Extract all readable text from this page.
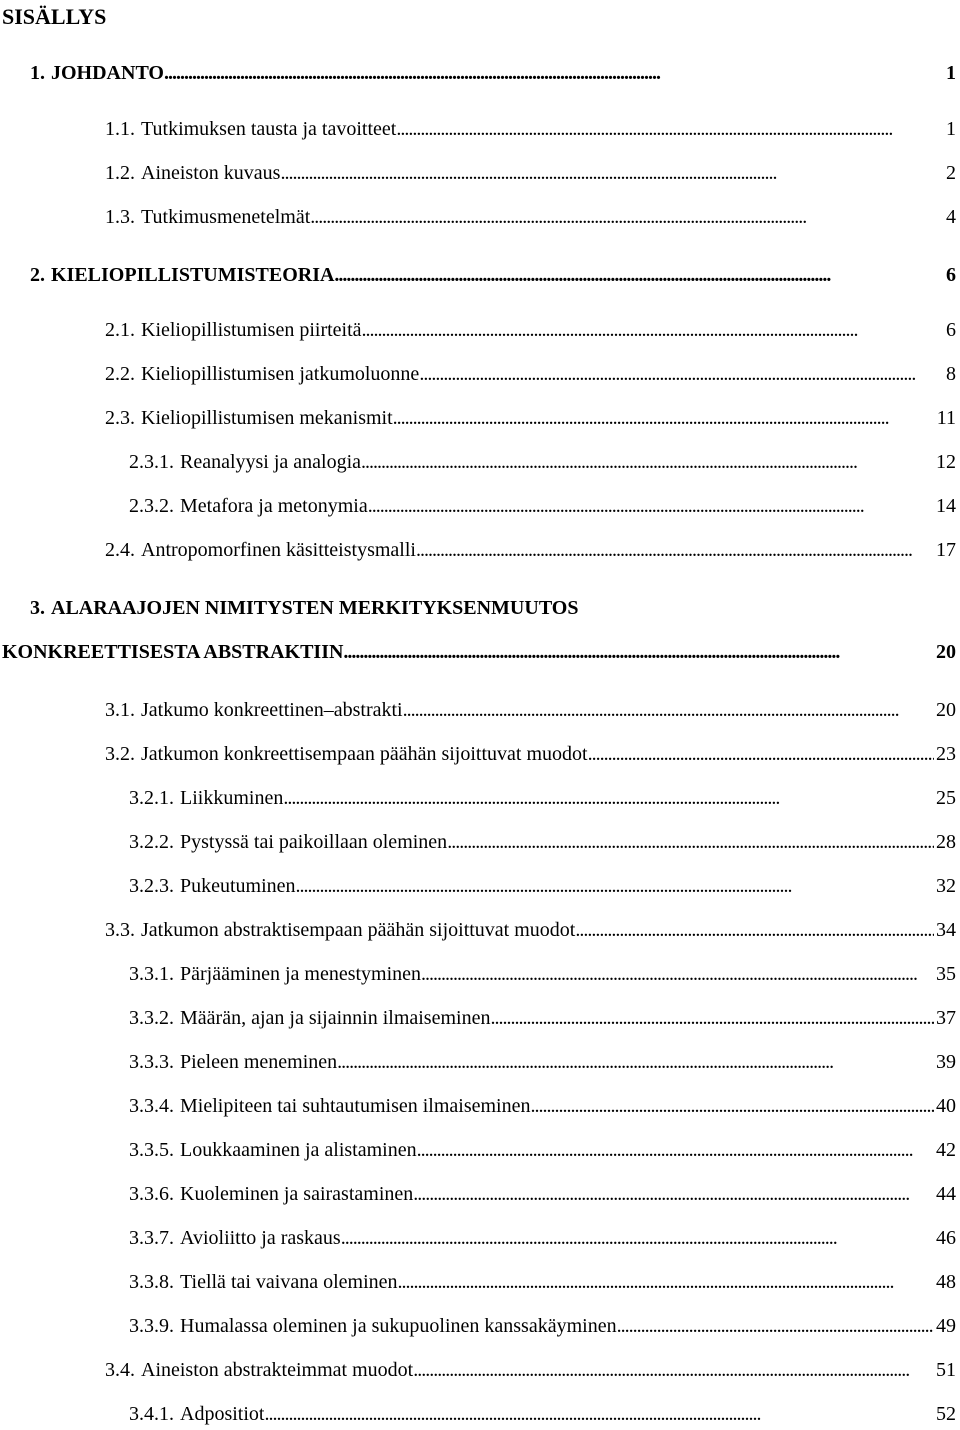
SISÄLLYS
1. JOHDANTO . . .	1
1.1. Tutkimuksen tausta ja tavoitteet . . .	1
1.2. Aineiston kuvaus . . .	2
1.3. Tutkimusmenetelmät . . .	4
2. KIELIOPILLISTUMISTEORIA . . .	6
2.1. Kieliopillistumisen piirteitä . . .	6
2.2. Kieliopillistumisen jatkumoluonne . . .	8
2.3. Kieliopillistumisen mekanismit . . .	11
2.3.1. Reanalyysi ja analogia . . .	12
2.3.2. Metafora ja metonymia . . .	14
2.4. Antropomorfinen käsitteistysmalli . . .	17
3. ALARAAJOJEN NIMITYSTEN MERKITYKSENMUUTOS
KONKREETTISESTA ABSTRAKTIIN . . .	20
3.1. Jatkumo konkreettinen–abstrakti . . .	20
3.2. Jatkumon konkreettisempaan päähän sijoittuvat muodot . . .	23
3.2.1. Liikkuminen . . .	25
3.2.2. Pystyssä tai paikoillaan oleminen . . .	28
3.2.3. Pukeutuminen . . .	32
3.3. Jatkumon abstraktisempaan päähän sijoittuvat muodot . . .	34
3.3.1. Pärjääminen ja menestyminen . . .	35
3.3.2. Määrän, ajan ja sijainnin ilmaiseminen . . .	37
3.3.3. Pieleen meneminen . . .	39
3.3.4. Mielipiteen tai suhtautumisen ilmaiseminen . . .	40
3.3.5. Loukkaaminen ja alistaminen . . .	42
3.3.6. Kuoleminen ja sairastaminen . . .	44
3.3.7. Avioliitto ja raskaus . . .	46
3.3.8. Tiellä tai vaivana oleminen . . .	48
3.3.9. Humalassa oleminen ja sukupuolinen kanssakäyminen . . .	49
3.4. Aineiston abstrakteimmat muodot . . .	51
3.4.1. Adpositiot . . .	52
